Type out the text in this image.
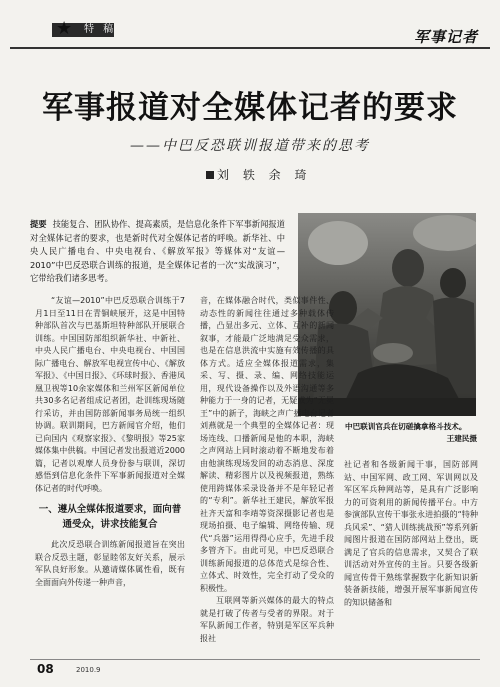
★ 特 稿	军事记者
军事报道对全媒体记者的要求
——中巴反恐联训报道带来的思考
刘 轶 余 琦
提要 技能复合、团队协作、提高素质，是信息化条件下军事新闻报道对全媒体记者的要求，也是新时代对全媒体记者的呼唤。新华社、中央人民广播电台、中央电视台、《解放军报》等媒体对“友谊—2010”中巴反恐联合训练的报道，是全媒体记者的一次“实战演习”，它带给我们诸多思考。
中巴联训官兵在切磋擒拿格斗技术。
王建民摄

“友谊—2010”中巴反恐联合训练于7月1日至11日在青铜峡展开，这是中国特种部队首次与巴基斯坦特种部队开展联合训练。中国国防部组织新华社、中新社、中央人民广播电台、中央电视台、中国国际广播电台、解放军电视宣传中心、《解放军报》、《中国日报》、《环球时报》、香港凤凰卫视等10余家媒体和兰州军区新闻单位共30多名记者组成记者团，赴训练现场随行采访，并由国防部新闻事务局统一组织协调。联训期间，巴方新闻官介绍，他们已向国内《观察家报》、《黎明报》等25家媒体集中供稿。中国记者发出报道近2000篇，记者以观摩人员身份参与联训，深切感悟到信息化条件下军事新闻报道对全媒体记者的时代呼唤。

一、遵从全媒体报道要求，面向普通受众，讲求技能复合

此次反恐联合训练新闻报道旨在突出联合反恐主题，彰显睦邻友好关系，展示军队良好形象。从邀请媒体属性看，既有全面面向外传递一种声音，

音，在媒体融合时代，类似事件性、动态性的新闻往往通过多种载体传播，凸显出多元、立体、互补的新闻叙事，才能最广泛地满足受众需求，也是在信息洪流中实施有效传播的具体方式。适应全媒体报道需求，集采、写、摄、录、编、网络技能运用，现代设备操作以及外语沟通等多种能力于一身的记者，无疑成为“无冕王”中的新子，海峡之声广播电台记者刘燕就是一个典型的全媒体记者：现场连线、口播新闻是他的本职，海峡之声网站上同时滚动着不断地发布着由他演练现场发回的动态消息、深度解读、精彩图片以及视频报道，熟练使用跨媒体采录设备并不是年轻记者的“专利”。新华社王建民，解放军报社齐天富和李靖等资深摄影记者也是现场拍摄、电子编辑、网络传输、现代“兵器”运用得得心应手，先进手段多管齐下。由此可见，中巴反恐联合训练新闻报道的总体范式是综合性、立体式、时效性，完全打动了受众的积极性。

互联网等新兴媒体的最大的特点就是打破了传者与受者的界限。对于军队新闻工作者，特别是军区军兵种报社

社记者和各级新闻干事，国防部网站、中国军网、政工网、军训网以及军区军兵种网站等，是具有广泛影响力的可资利用的新闻传播平台。中方参演部队宣传干事张永进拍摄的“特种兵风采”、“猎人训练挑战预”等系列新闻图片报道在国防部网站上登出，既满足了官兵的信息需求，又契合了联训活动对外宣传的主旨。只要各级新闻宣传骨干熟练掌握数字化新知识新装备新技能，增强开展军事新闻宣传的知识储备和

08	2010.9
